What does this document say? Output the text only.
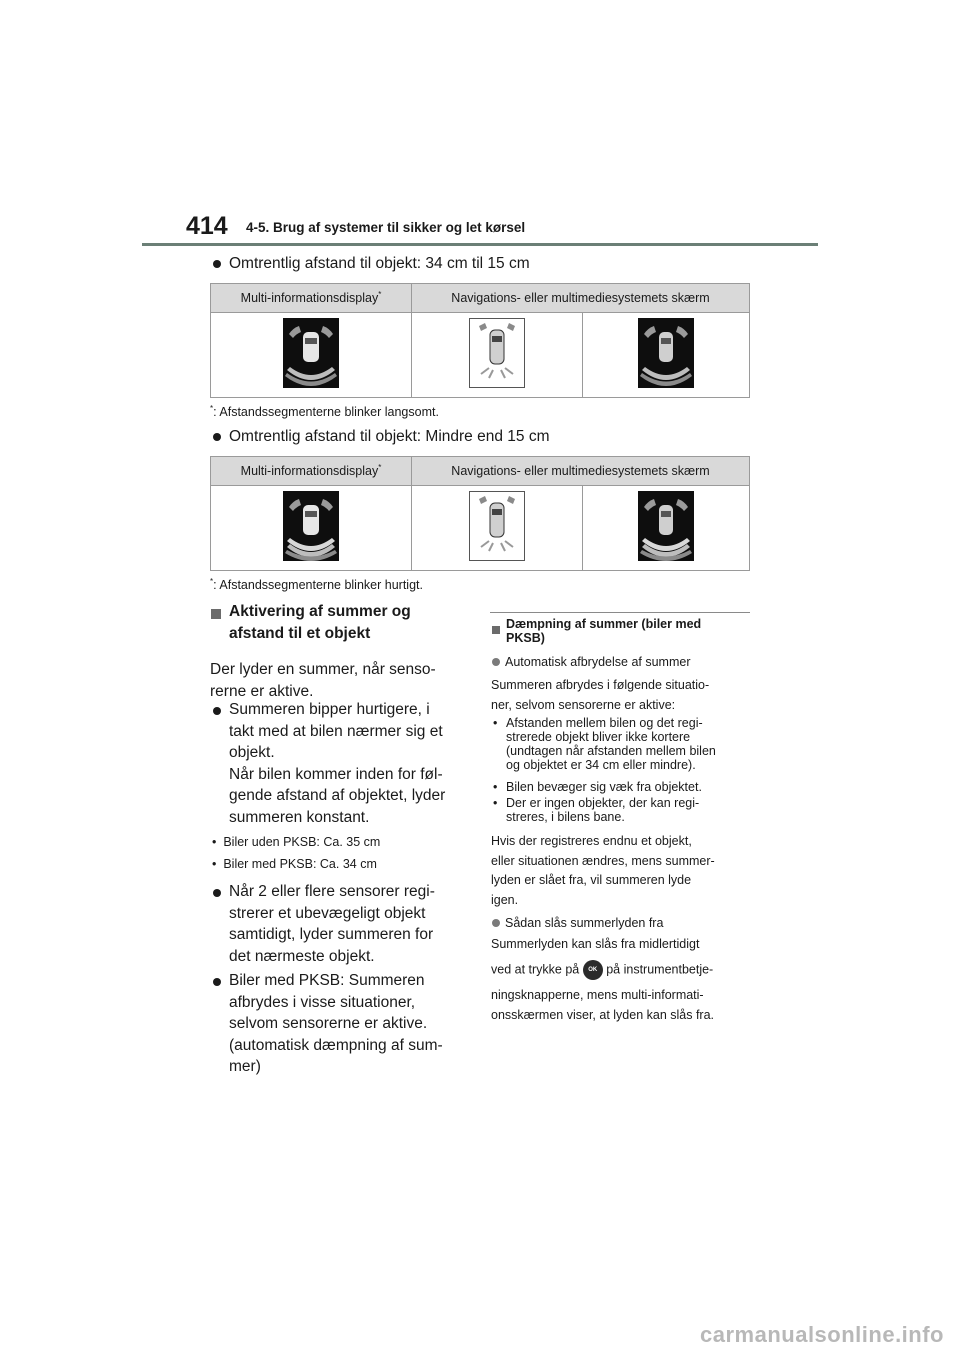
414 4-5. Brug af systemer til sikker og let kørsel
Omtrentlig afstand til objekt: 34 cm til 15 cm
Multi-informationsdisplay*	Navigations- eller multimediesystemets skærm	

*: Afstandssegmenterne blinker langsomt.
Omtrentlig afstand til objekt: Mindre end 15 cm
Multi-informationsdisplay*	Navigations- eller multimediesystemets skærm	

*: Afstandssegmenterne blinker hurtigt.
Aktivering af summer og
afstand til et objekt
Der lyder en summer, når senso-
rerne er aktive.
Summeren bipper hurtigere, i
takt med at bilen nærmer sig et
objekt.
Når bilen kommer inden for føl-
gende afstand af objektet, lyder
summeren konstant.
•  Biler uden PKSB: Ca. 35 cm
•  Biler med PKSB: Ca. 34 cm
Når 2 eller flere sensorer regi-
strerer et ubevægeligt objekt
samtidigt, lyder summeren for
det nærmeste objekt.
Biler med PKSB: Summeren
afbrydes i visse situationer,
selvom sensorerne er aktive.
(automatisk dæmpning af sum-
mer)
Dæmpning af summer (biler med
PKSB)
Automatisk afbrydelse af summer
Summeren afbrydes i følgende situatio-
ner, selvom sensorerne er aktive:
• Afstanden mellem bilen og det regi-
strerede objekt bliver ikke kortere
(undtagen når afstanden mellem bilen
og objektet er 34 cm eller mindre).
• Bilen bevæger sig væk fra objektet.
• Der er ingen objekter, der kan regi-
streres, i bilens bane.
Hvis der registreres endnu et objekt,
eller situationen ændres, mens summer-
lyden er slået fra, vil summeren lyde
igen.
Sådan slås summerlyden fra
Summerlyden kan slås fra midlertidigt
ved at trykke på OK på instrumentbetje-
ningsknapperne, mens multi-informati-
onsskærmen viser, at lyden kan slås fra.
carmanualsonline.info
